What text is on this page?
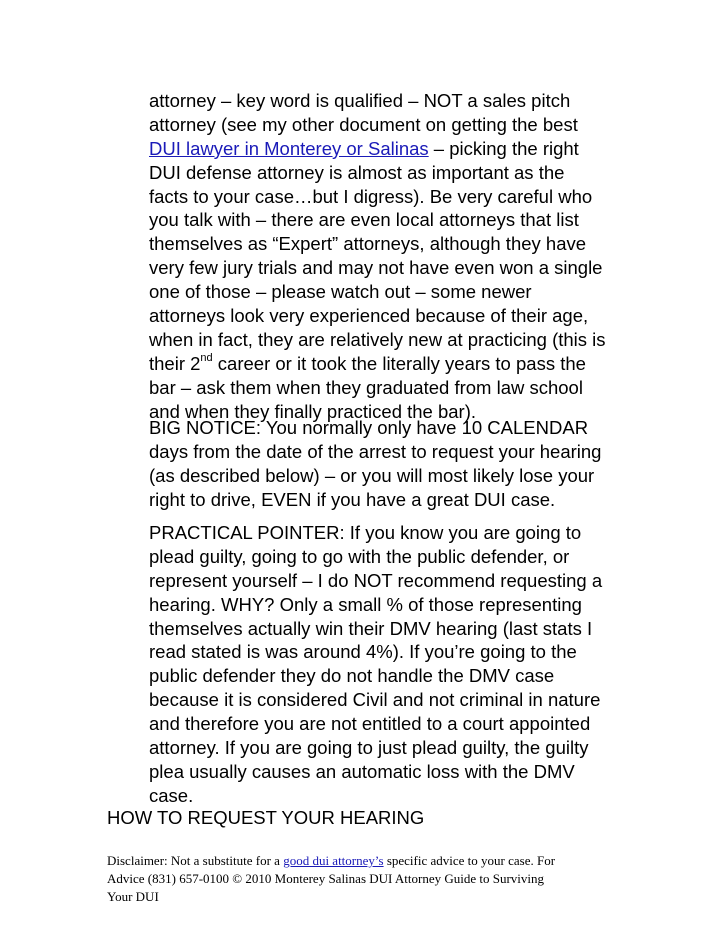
attorney – key word is qualified – NOT a sales pitch
attorney (see my other document on getting the best
DUI lawyer in Monterey or Salinas – picking the right
DUI defense attorney is almost as important as the
facts to your case…but I digress). Be very careful who
you talk with – there are even local attorneys that list
themselves as “Expert” attorneys, although they have
very few jury trials and may not have even won a single
one of those – please watch out – some newer
attorneys look very experienced because of their age,
when in fact, they are relatively new at practicing (this is
their 2nd career or it took the literally years to pass the
bar – ask them when they graduated from law school
and when they finally practiced the bar).
BIG NOTICE: You normally only have 10 CALENDAR
days from the date of the arrest to request your hearing
(as described below) – or you will most likely lose your
right to drive, EVEN if you have a great DUI case.
PRACTICAL POINTER: If you know you are going to
plead guilty, going to go with the public defender, or
represent yourself – I do NOT recommend requesting a
hearing. WHY? Only a small % of those representing
themselves actually win their DMV hearing (last stats I
read stated is was around 4%). If you’re going to the
public defender they do not handle the DMV case
because it is considered Civil and not criminal in nature
and therefore you are not entitled to a court appointed
attorney. If you are going to just plead guilty, the guilty
plea usually causes an automatic loss with the DMV
case.
HOW TO REQUEST YOUR HEARING
Disclaimer: Not a substitute for a good dui attorney’s specific advice to your case. For
Advice (831) 657-0100 © 2010 Monterey Salinas DUI Attorney Guide to Surviving
Your DUI
